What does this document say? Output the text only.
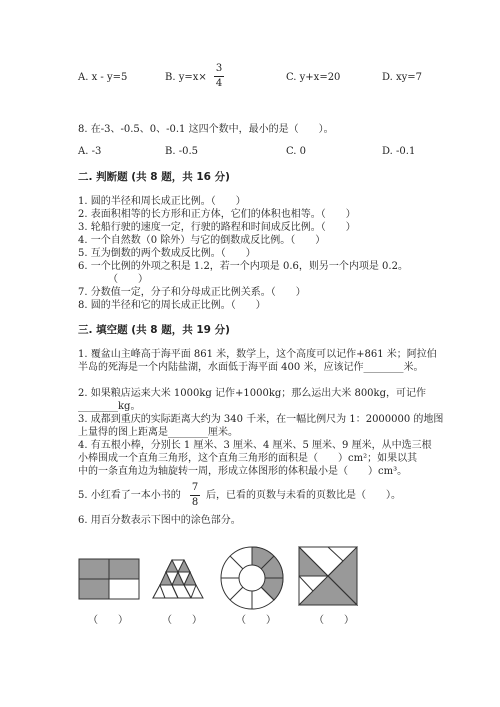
A. x - y=5	B. y=x×
3
4
C. y+x=20	D. xy=7
8. 在-3、-0.5、0、-0.1 这四个数中，最小的是（　　）。
A. -3	B. -0.5	C. 0	D. -0.1
二. 判断题 (共 8 题，共 16 分)
1. 圆的半径和周长成正比例。（　　）
2. 表面积相等的长方形和正方体，它们的体积也相等。（　　）
3. 轮船行驶的速度一定，行驶的路程和时间成反比例。（　　）
4. 一个自然数（0 除外）与它的倒数成反比例。（　　）
5. 互为倒数的两个数成反比例。（　　）
6. 一个比例的外项之积是 1.2，若一个内项是 0.6，则另一个内项是 0.2。
（　　）
7. 分数值一定，分子和分母成正比例关系。（　　）
8. 圆的半径和它的周长成正比例。（　　）
三. 填空题 (共 8 题，共 19 分)
1. 覆盆山主峰高于海平面 861 米，数学上，这个高度可以记作+861 米；阿拉伯
半岛的死海是一个内陆盐湖，水面低于海平面 400 米，应该记作________米。
2. 如果粮店运来大米 1000kg 记作+1000kg；那么运出大米 800kg，可记作
________kg。
3. 成都到重庆的实际距离大约为 340 千米，在一幅比例尺为 1：2000000 的地图
上量得的图上距离是________厘米。
4. 有五根小棒，分别长 1 厘米、3 厘米、4 厘米、5 厘米、9 厘米，从中选三根
小棒围成一个直角三角形，这个直角三角形的面积是（　　）cm²；如果以其
中的一条直角边为轴旋转一周，形成立体图形的体积最小是（　　）cm³。
5. 小红看了一本小书的
7
8
后，已看的页数与未看的页数比是（　　）。
6. 用百分数表示下图中的涂色部分。
（　　）	（　　）	（　　）	（　　）
